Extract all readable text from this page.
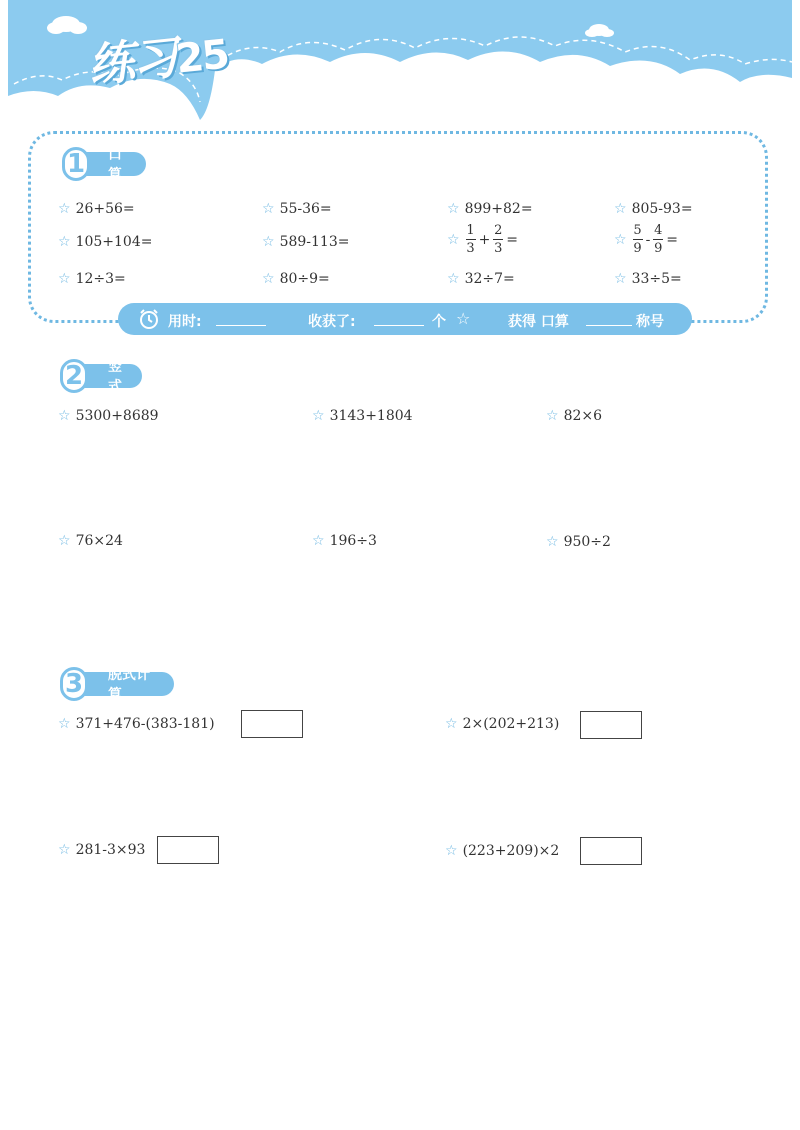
练习25
口算
1
☆ 26+56=	☆ 55-36=	☆ 899+82=	☆ 805-93=
☆ 105+104=	☆ 589-113=	☆ $\frac{1}{3} + \frac{2}{3}$ =	☆ $\frac{5}{9} - \frac{4}{9}$ =
☆ 12÷3=	☆ 80÷9=	☆ 32÷7=	☆ 33÷5=
用时:	收获了:	个 ☆	获得 口算	称号
竖式
2
☆ 5300+8689	☆ 3143+1804	☆ 82×6
☆ 76×24	☆ 196÷3	☆ 950÷2
脱式计算
3
☆ 371+476-(383-181)	☆ 2×(202+213)
☆ 281-3×93	☆ (223+209)×2
